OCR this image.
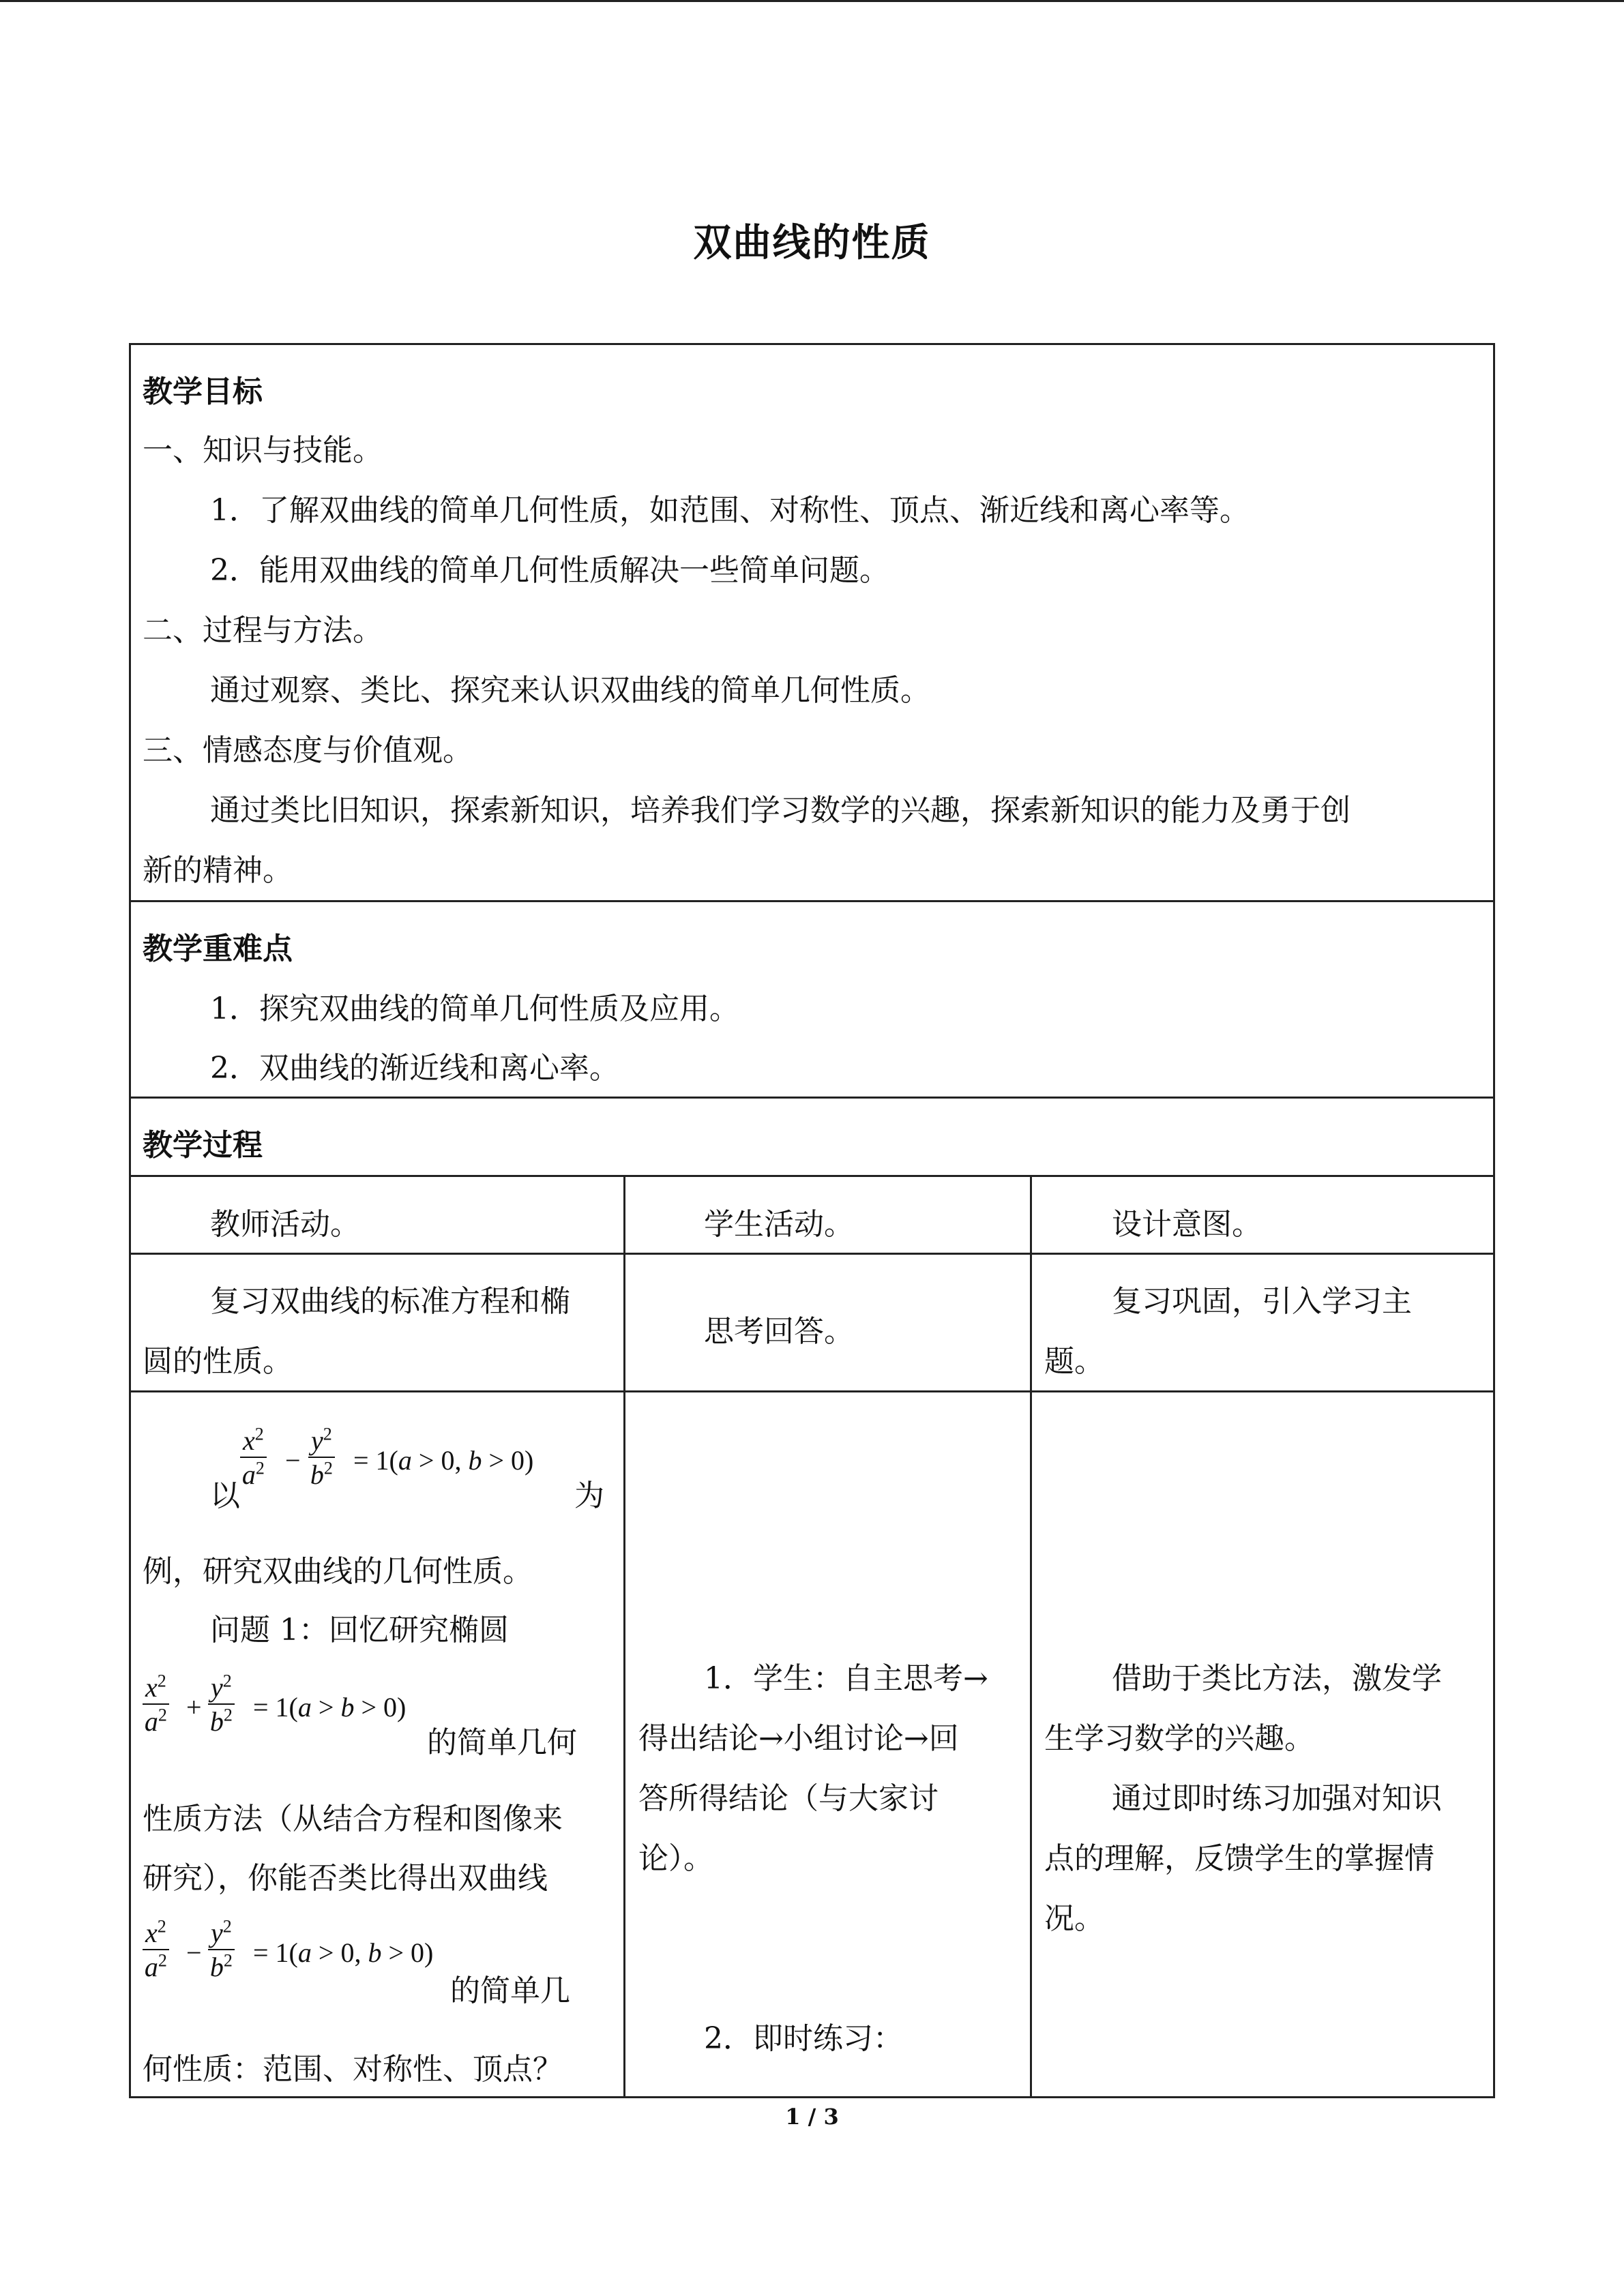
双曲线的性质
教学目标
一、知识与技能。
1．了解双曲线的简单几何性质，如范围、对称性、顶点、渐近线和离心率等。
2．能用双曲线的简单几何性质解决一些简单问题。
二、过程与方法。
通过观察、类比、探究来认识双曲线的简单几何性质。
三、情感态度与价值观。
通过类比旧知识，探索新知识，培养我们学习数学的兴趣，探索新知识的能力及勇于创
新的精神。
教学重难点
1．探究双曲线的简单几何性质及应用。
2．双曲线的渐近线和离心率。
教学过程
教师活动。	学生活动。	设计意图。
复习双曲线的标准方程和椭
圆的性质。
思考回答。
复习巩固，引入学习主
题。
以
$\frac{x^2}{a^2} - \frac{y^2}{b^2} = 1(a > 0$, b > 0)
为
例，研究双曲线的几何性质。
问题 1：回忆研究椭圆
$\frac{x^2}{a^2} + \frac{y^2}{b^2} = 1(a > b > 0)$
的简单几何
性质方法（从结合方程和图像来
研究），你能否类比得出双曲线
$\frac{x^2}{a^2} - \frac{y^2}{b^2} = 1(a > 0$, b > 0)
的简单几
何性质：范围、对称性、顶点？
1．学生：自主思考→
得出结论→小组讨论→回
答所得结论（与大家讨
论）。
2．即时练习：
借助于类比方法，激发学
生学习数学的兴趣。
通过即时练习加强对知识
点的理解，反馈学生的掌握情
况。
1 / 3
